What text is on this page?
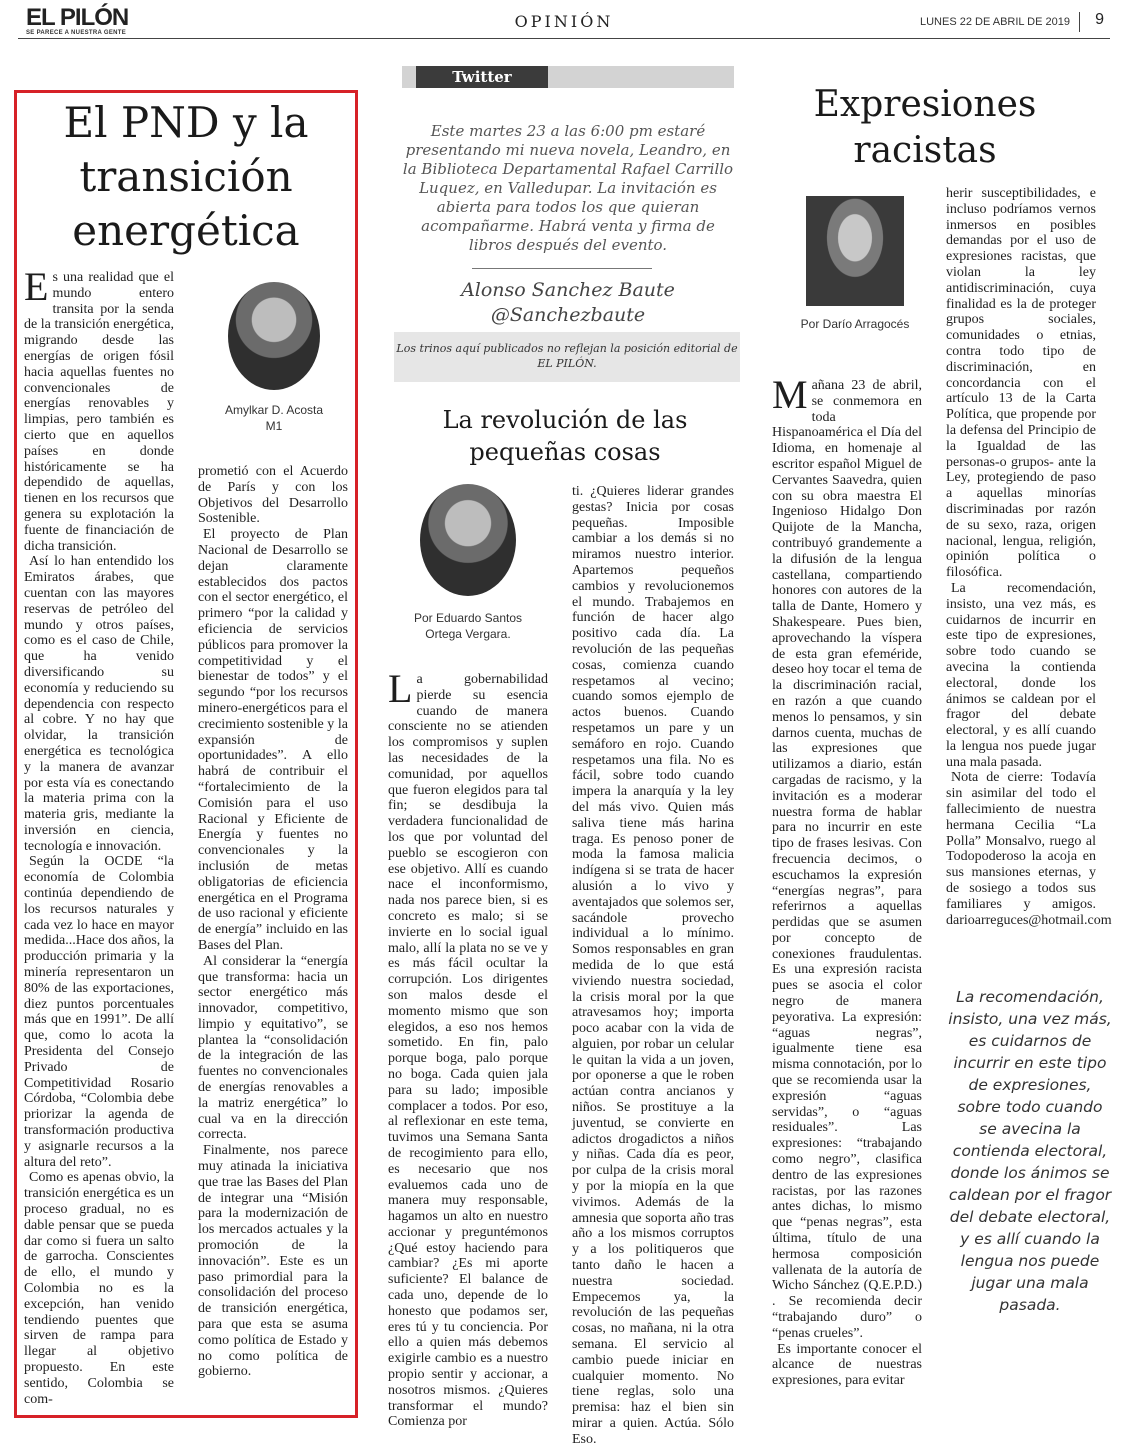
EL PILÓN
SE PARECE A NUESTRA GENTE
OPINIÓN	LUNES 22 DE ABRIL DE 2019 9
El PND y la transición energética

Es una realidad que el mundo entero transita por la senda de la transición energética, migrando desde las energías de origen fósil hacia aquellas fuentes no convencionales de energías renovables y limpias, pero también es cierto que en aquellos países en donde históricamente se ha dependido de aquellas, tienen en los recursos que genera su explotación la fuente de financiación de dicha transición.

Así lo han entendido los Emiratos árabes, que cuentan con las mayores reservas de petróleo del mundo y otros países, como es el caso de Chile, que ha venido diversificando su economía y reduciendo su dependencia con respecto al cobre. Y no hay que olvidar, la transición energética es tecnológica y la manera de avanzar por esta vía es conectando la materia prima con la materia gris, mediante la inversión en ciencia, tecnología e innovación.

Según la OCDE “la economía de Colombia continúa dependiendo de los recursos naturales y cada vez lo hace en mayor medida...Hace dos años, la producción primaria y la minería representaron un 80% de las exportaciones, diez puntos porcentuales más que en 1991”. De allí que, como lo acota la Presidenta del Consejo Privado de Competitividad Rosario Córdoba, “Colombia debe priorizar la agenda de transformación productiva y asignarle recursos a la altura del reto”.

Como es apenas obvio, la transición energética es un proceso gradual, no es dable pensar que se pueda dar como si fuera un salto de garrocha. Conscientes de ello, el mundo y Colombia no es la excepción, han venido tendiendo puentes que sirven de rampa para llegar al objetivo propuesto. En este sentido, Colombia se com-

Amylkar D. Acosta M1

prometió con el Acuerdo de París y con los Objetivos del Desarrollo Sostenible.

El proyecto de Plan Nacional de Desarrollo se dejan claramente establecidos dos pactos con el sector energético, el primero “por la calidad y eficiencia de servicios públicos para promover la competitividad y el bienestar de todos” y el segundo “por los recursos minero-energéticos para el crecimiento sostenible y la expansión de oportunidades”. A ello habrá de contribuir el “fortalecimiento de la Comisión para el uso Racional y Eficiente de Energía y fuentes no convencionales y la inclusión de metas obligatorias de eficiencia energética en el Programa de uso racional y eficiente de energía” incluido en las Bases del Plan.

Al considerar la “energía que transforma: hacia un sector energético más innovador, competitivo, limpio y equitativo”, se plantea la “consolidación de la integración de las fuentes no convencionales de energías renovables a la matriz energética” lo cual va en la dirección correcta.

Finalmente, nos parece muy atinada la iniciativa que trae las Bases del Plan de integrar una “Misión para la modernización de los mercados actuales y la promoción de la innovación”. Este es un paso primordial para la consolidación del proceso de transición energética, para que esta se asuma como política de Estado y no como política de gobierno.

Twitter
Este martes 23 a las 6:00 pm estaré presentando mi nueva novela, Leandro, en la Biblioteca Departamental Rafael Carrillo Luquez, en Valledupar. La invitación es abierta para todos los que quieran acompañarme. Habrá venta y firma de libros después del evento.
Alonso Sanchez Baute
@Sanchezbaute
Los trinos aquí publicados no reflejan la posición editorial de EL PILÓN.
La revolución de las pequeñas cosas
Por Eduardo Santos Ortega Vergara.

La gobernabilidad pierde su esencia cuando de manera consciente no se atienden los compromisos y suplen las necesidades de la comunidad, por aquellos que fueron elegidos para tal fin; se desdibuja la verdadera funcionalidad de los que por voluntad del pueblo se escogieron con ese objetivo. Allí es cuando nace el inconformismo, nada nos parece bien, si es concreto es malo; si se invierte en lo social igual malo, allí la plata no se ve y es más fácil ocultar la corrupción. Los dirigentes son malos desde el momento mismo que son elegidos, a eso nos hemos sometido. En fin, palo porque boga, palo porque no boga. Cada quien jala para su lado; imposible complacer a todos. Por eso, al reflexionar en este tema, tuvimos una Semana Santa de recogimiento para ello, es necesario que nos evaluemos cada uno de manera muy responsable, hagamos un alto en nuestro accionar y preguntémonos ¿Qué estoy haciendo para cambiar? ¿Es mi aporte suficiente? El balance de cada uno, depende de lo honesto que podamos ser, eres tú y tu conciencia. Por ello a quien más debemos exigirle cambio es a nuestro propio sentir y accionar, a nosotros mismos. ¿Quieres transformar el mundo? Comienza por

ti. ¿Quieres liderar grandes gestas? Inicia por cosas pequeñas. Imposible cambiar a los demás si no miramos nuestro interior. Apartemos pequeños cambios y revolucionemos el mundo. Trabajemos en función de hacer algo positivo cada día. La revolución de las pequeñas cosas, comienza cuando respetamos al vecino; cuando somos ejemplo de actos buenos. Cuando respetamos un pare y un semáforo en rojo. Cuando respetamos una fila. No es fácil, sobre todo cuando impera la anarquía y la ley del más vivo. Quien más saliva tiene más harina traga. Es penoso poner de moda la famosa malicia indígena si se trata de hacer alusión a lo vivo y aventajados que solemos ser, sacándole provecho individual a lo mínimo. Somos responsables en gran medida de lo que está viviendo nuestra sociedad, la crisis moral por la que atravesamos hoy; importa poco acabar con la vida de alguien, por robar un celular le quitan la vida a un joven, por oponerse a que le roben actúan contra ancianos y niños. Se prostituye a la juventud, se convierte en adictos drogadictos a niños y niñas. Cada día es peor, por culpa de la crisis moral y por la miopía en la que vivimos. Además de la amnesia que soporta año tras año a los mismos corruptos y a los politiqueros que tanto daño le hacen a nuestra sociedad. Empecemos ya, la revolución de las pequeñas cosas, no mañana, ni la otra semana. El servicio al cambio puede iniciar en cualquier momento. No tiene reglas, solo una premisa: haz el bien sin mirar a quien. Actúa. Sólo Eso.

Expresiones racistas
Por Darío Arragocés

Mañana 23 de abril, se conmemora en toda Hispanoamérica el Día del Idioma, en homenaje al escritor español Miguel de Cervantes Saavedra, quien con su obra maestra El Ingenioso Hidalgo Don Quijote de la Mancha, contribuyó grandemente a la difusión de la lengua castellana, compartiendo honores con autores de la talla de Dante, Homero y Shakespeare. Pues bien, aprovechando la víspera de esta gran efeméride, deseo hoy tocar el tema de la discriminación racial, en razón a que cuando menos lo pensamos, y sin darnos cuenta, muchas de las expresiones que utilizamos a diario, están cargadas de racismo, y la invitación es a moderar nuestra forma de hablar para no incurrir en este tipo de frases lesivas. Con frecuencia decimos, o escuchamos la expresión “energías negras”, para referirnos a aquellas perdidas que se asumen por concepto de conexiones fraudulentas. Es una expresión racista pues se asocia el color negro de manera peyorativa. La expresión: “aguas negras”, igualmente tiene esa misma connotación, por lo que se recomienda usar la expresión “aguas servidas”, o “aguas residuales”. Las expresiones: “trabajando como negro”, clasifica dentro de las expresiones racistas, por las razones antes dichas, lo mismo que “penas negras”, esta última, título de una hermosa composición vallenata de la autoría de Wicho Sánchez (Q.E.P.D.) . Se recomienda decir “trabajando duro” o “penas crueles”.

Es importante conocer el alcance de nuestras expresiones, para evitar

herir susceptibilidades, e incluso podríamos vernos inmersos en posibles demandas por el uso de expresiones racistas, que violan la ley antidiscriminación, cuya finalidad es la de proteger grupos sociales, comunidades o etnias, contra todo tipo de discriminación, en concordancia con el artículo 13 de la Carta Política, que propende por la defensa del Principio de la Igualdad de las personas-o grupos- ante la Ley, protegiendo de paso a aquellas minorías discriminadas por razón de su sexo, raza, origen nacional, lengua, religión, opinión política o filosófica.

La recomendación, insisto, una vez más, es cuidarnos de incurrir en este tipo de expresiones, sobre todo cuando se avecina la contienda electoral, donde los ánimos se caldean por el fragor del debate electoral, y es allí cuando la lengua nos puede jugar una mala pasada.

Nota de cierre: Todavía sin asimilar del todo el fallecimiento de nuestra hermana Cecilia “La Polla” Monsalvo, ruego al Todopoderoso la acoja en sus mansiones eternas, y de sosiego a todos sus familiares y amigos. darioarreguces@hotmail.com

La recomendación, insisto, una vez más, es cuidarnos de incurrir en este tipo de expresiones, sobre todo cuando se avecina la contienda electoral, donde los ánimos se caldean por el fragor del debate electoral, y es allí cuando la lengua nos puede jugar una mala pasada.
